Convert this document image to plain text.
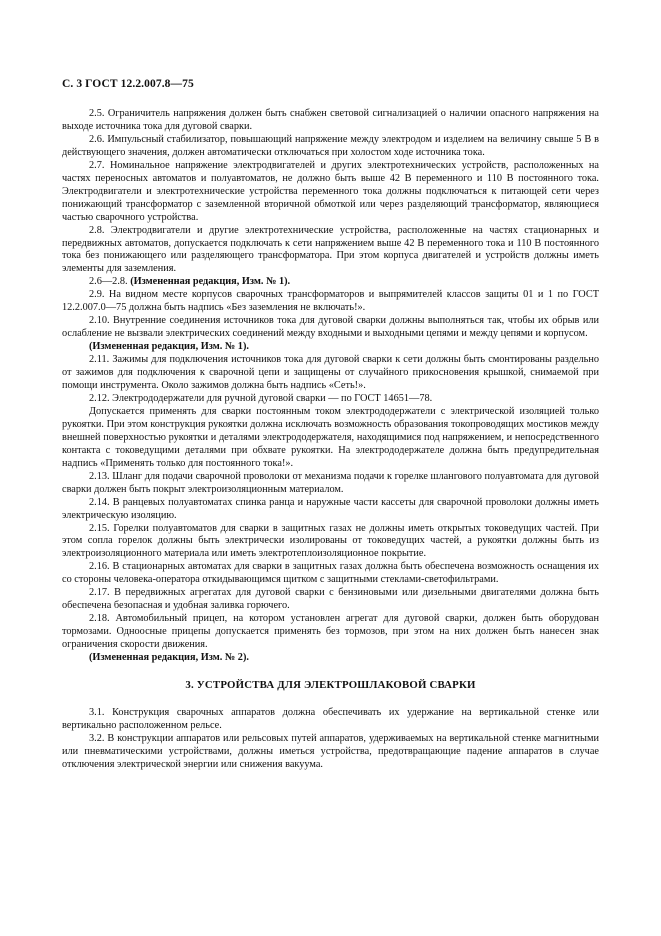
С. 3 ГОСТ 12.2.007.8—75

2.5. Ограничитель напряжения должен быть снабжен световой сигнализацией о наличии опасного напряжения на выходе источника тока для дуговой сварки.

2.6. Импульсный стабилизатор, повышающий напряжение между электродом и изделием на величину свыше 5 В в действующего значения, должен автоматически отключаться при холостом ходе источника тока.

2.7. Номинальное напряжение электродвигателей и других электротехнических устройств, расположенных на частях переносных автоматов и полуавтоматов, не должно быть выше 42 В переменного и 110 В постоянного тока. Электродвигатели и электротехнические устройства переменного тока должны подключаться к питающей сети через понижающий трансформатор с заземленной вторичной обмоткой или через разделяющий трансформатор, являющиеся частью сварочного устройства.

2.8. Электродвигатели и другие электротехнические устройства, расположенные на частях стационарных и передвижных автоматов, допускается подключать к сети напряжением выше 42 В переменного тока и 110 В постоянного тока без понижающего или разделяющего трансформатора. При этом корпуса двигателей и устройств должны иметь элементы для заземления.

2.6—2.8. (Измененная редакция, Изм. № 1).

2.9. На видном месте корпусов сварочных трансформаторов и выпрямителей классов защиты 01 и 1 по ГОСТ 12.2.007.0—75 должна быть надпись «Без заземления не включать!».

2.10. Внутренние соединения источников тока для дуговой сварки должны выполняться так, чтобы их обрыв или ослабление не вызвали электрических соединений между входными и выходными цепями и между цепями и корпусом.

(Измененная редакция, Изм. № 1).

2.11. Зажимы для подключения источников тока для дуговой сварки к сети должны быть смонтированы раздельно от зажимов для подключения к сварочной цепи и защищены от случайного прикосновения крышкой, снимаемой при помощи инструмента. Около зажимов должна быть надпись «Сеть!».

2.12. Электрододержатели для ручной дуговой сварки — по ГОСТ 14651—78.

Допускается применять для сварки постоянным током электрододержатели с электрической изоляцией только рукоятки. При этом конструкция рукоятки должна исключать возможность образования токопроводящих мостиков между внешней поверхностью рукоятки и деталями электрододержателя, находящимися под напряжением, и непосредственного контакта с токоведущими деталями при обхвате рукоятки. На электрододержателе должна быть предупредительная надпись «Применять только для постоянного тока!».

2.13. Шланг для подачи сварочной проволоки от механизма подачи к горелке шлангового полуавтомата для дуговой сварки должен быть покрыт электроизоляционным материалом.

2.14. В ранцевых полуавтоматах спинка ранца и наружные части кассеты для сварочной проволоки должны иметь электрическую изоляцию.

2.15. Горелки полуавтоматов для сварки в защитных газах не должны иметь открытых токоведущих частей. При этом сопла горелок должны быть электрически изолированы от токоведущих частей, а рукоятки должны быть из электроизоляционного материала или иметь электротеплоизоляционное покрытие.

2.16. В стационарных автоматах для сварки в защитных газах должна быть обеспечена возможность оснащения их со стороны человека-оператора откидывающимся щитком с защитными стеклами-светофильтрами.

2.17. В передвижных агрегатах для дуговой сварки с бензиновыми или дизельными двигателями должна быть обеспечена безопасная и удобная заливка горючего.

2.18. Автомобильный прицеп, на котором установлен агрегат для дуговой сварки, должен быть оборудован тормозами. Одноосные прицепы допускается применять без тормозов, при этом на них должен быть нанесен знак ограничения скорости движения.

(Измененная редакция, Изм. № 2).

3. УСТРОЙСТВА ДЛЯ ЭЛЕКТРОШЛАКОВОЙ СВАРКИ

3.1. Конструкция сварочных аппаратов должна обеспечивать их удержание на вертикальной стенке или вертикально расположенном рельсе.

3.2. В конструкции аппаратов или рельсовых путей аппаратов, удерживаемых на вертикальной стенке магнитными или пневматическими устройствами, должны иметься устройства, предотвращающие падение аппаратов в случае отключения электрической энергии или снижения вакуума.
